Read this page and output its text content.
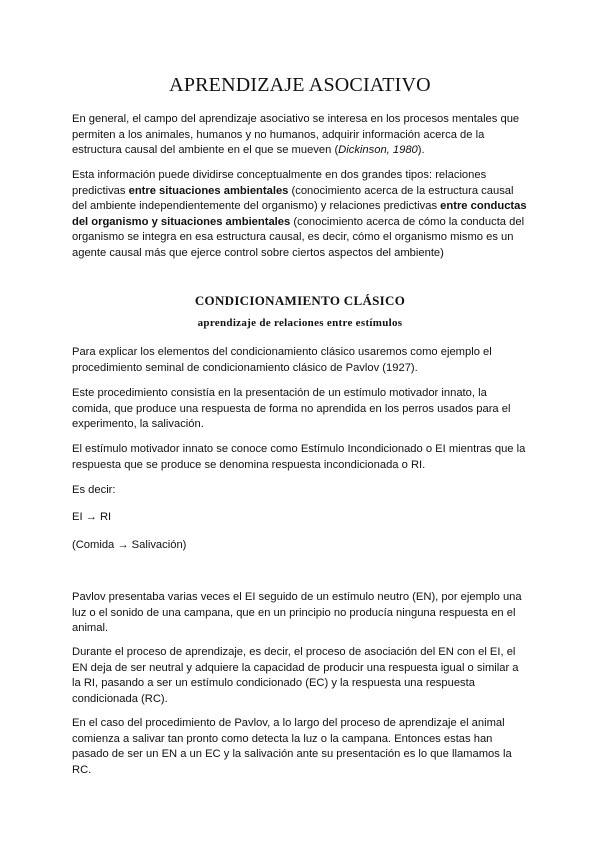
APRENDIZAJE ASOCIATIVO

En general, el campo del aprendizaje asociativo se interesa en los procesos mentales que permiten a los animales, humanos y no humanos, adquirir información acerca de la estructura causal del ambiente en el que se mueven (Dickinson, 1980).

Esta información puede dividirse conceptualmente en dos grandes tipos: relaciones predictivas entre situaciones ambientales (conocimiento acerca de la estructura causal del ambiente independientemente del organismo) y relaciones predictivas entre conductas del organismo y situaciones ambientales (conocimiento acerca de cómo la conducta del organismo se integra en esa estructura causal, es decir, cómo el organismo mismo es un agente causal más que ejerce control sobre ciertos aspectos del ambiente)

CONDICIONAMIENTO CLÁSICO
aprendizaje de relaciones entre estímulos

Para explicar los elementos del condicionamiento clásico usaremos como ejemplo el procedimiento seminal de condicionamiento clásico de Pavlov (1927).

Este procedimiento consistía en la presentación de un estímulo motivador innato, la comida, que produce una respuesta de forma no aprendida en los perros usados para el experimento, la salivación.

El estímulo motivador innato se conoce como Estímulo Incondicionado o EI mientras que la respuesta que se produce se denomina respuesta incondicionada o RI.

Es decir:

EI → RI

(Comida → Salivación)

Pavlov presentaba varias veces el EI seguido de un estímulo neutro (EN), por ejemplo una luz o el sonido de una campana, que en un principio no producía ninguna respuesta en el animal.

Durante el proceso de aprendizaje, es decir, el proceso de asociación del EN con el EI, el EN deja de ser neutral y adquiere la capacidad de producir una respuesta igual o similar a la RI, pasando a ser un estímulo condicionado (EC) y la respuesta una respuesta condicionada (RC).

En el caso del procedimiento de Pavlov, a lo largo del proceso de aprendizaje el animal comienza a salivar tan pronto como detecta la luz o la campana. Entonces estas han pasado de ser un EN a un EC y la salivación ante su presentación es lo que llamamos la RC.
